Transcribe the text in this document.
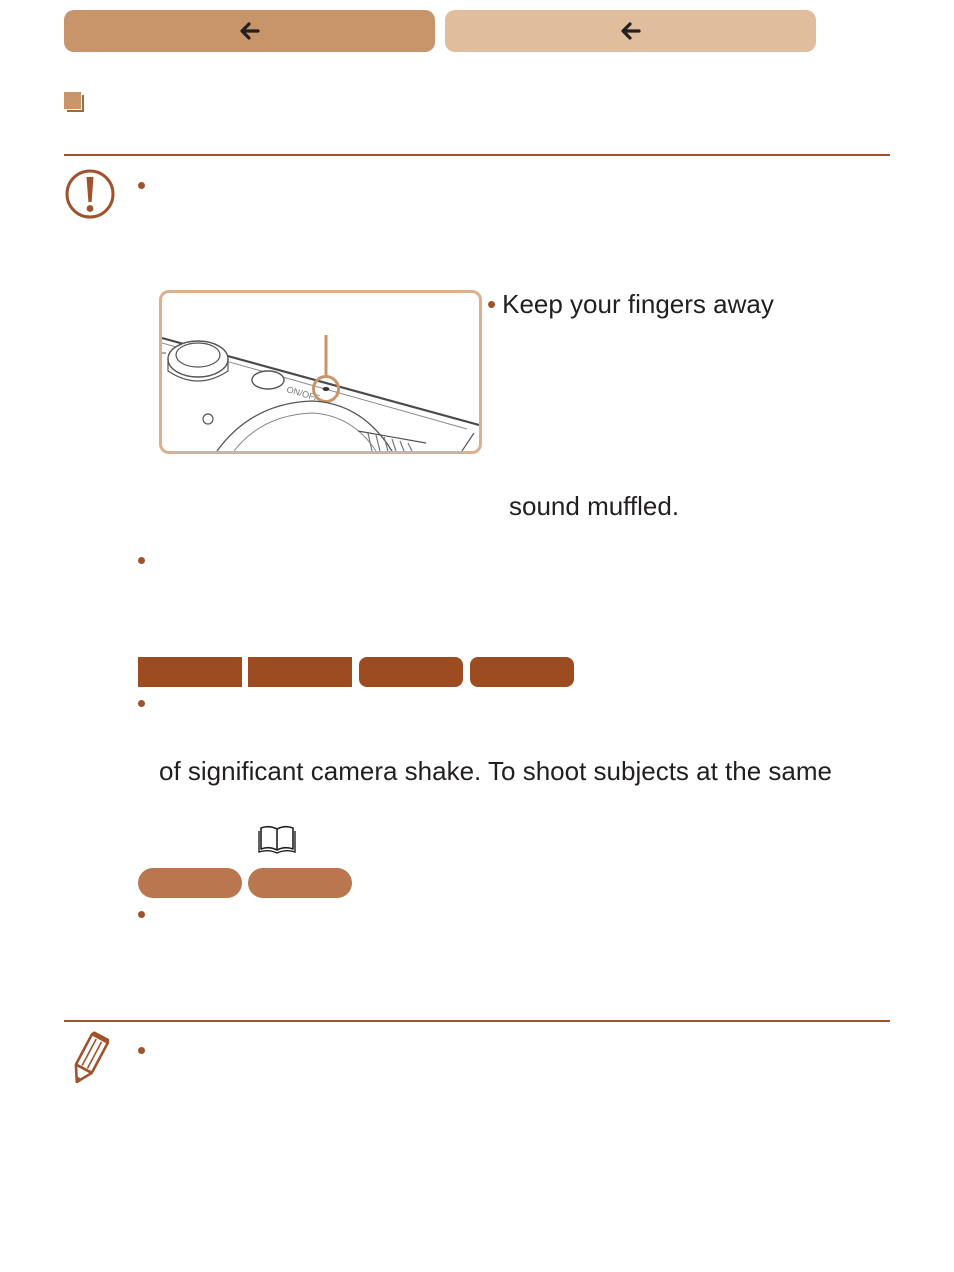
ON/OFF
• Keep your fingers away
sound muffled.
of significant camera shake. To shoot subjects at the same
